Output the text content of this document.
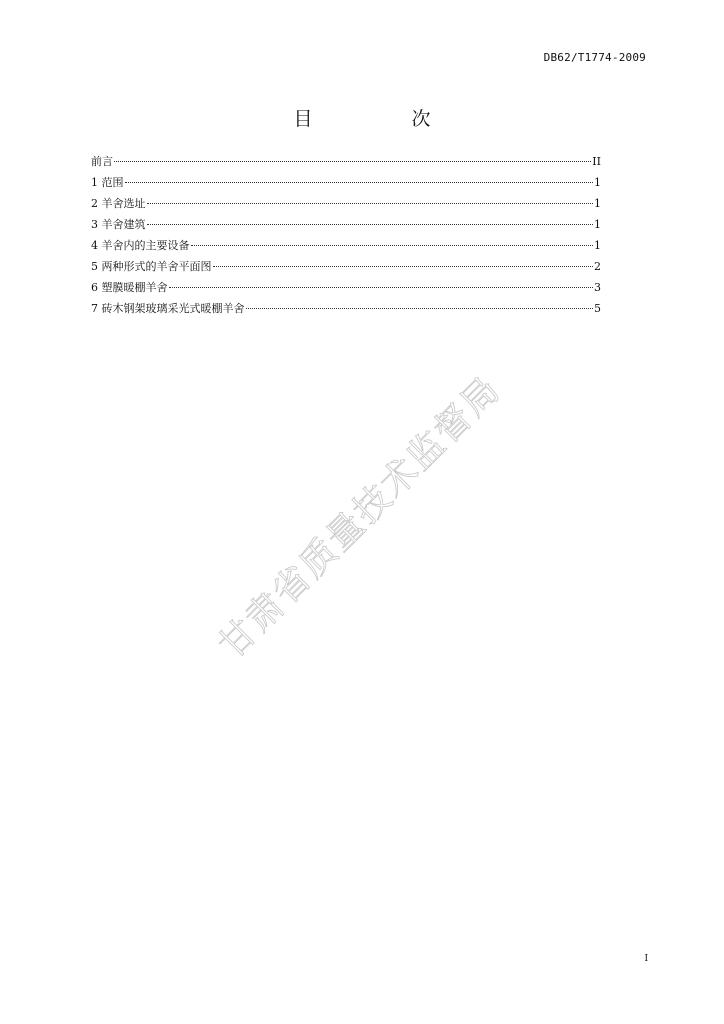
DB62/T1774-2009
目　次
前言	II
1 范围	1
2 羊舍选址	1
3 羊舍建筑	1
4 羊舍内的主要设备	1
5 两种形式的羊舍平面图	2
6 塑膜暖棚羊舍	3
7 砖木钢架玻璃采光式暖棚羊舍	5
甘肃省质量技术监督局
I
